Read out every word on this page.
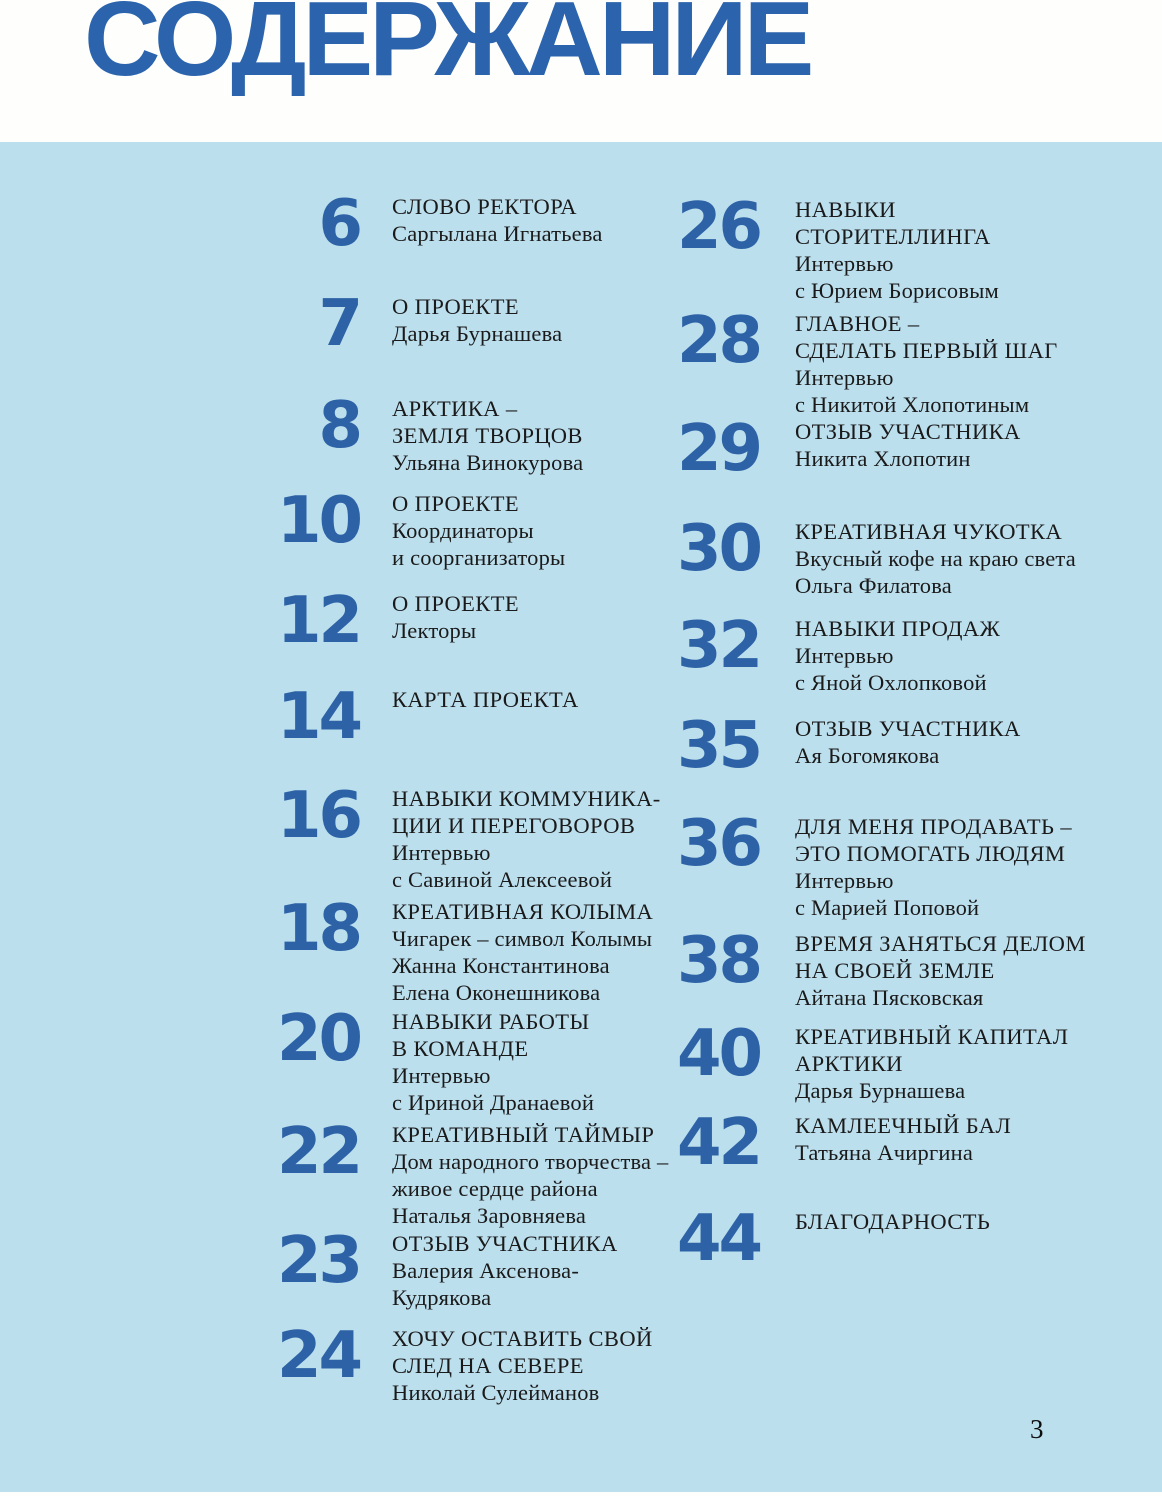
СОДЕРЖАНИЕ
6 СЛОВО РЕКТОРА
Саргылана Игнатьева
7 О ПРОЕКТЕ
Дарья Бурнашева
8 АРКТИКА –
ЗЕМЛЯ ТВОРЦОВ
Ульяна Винокурова
10 О ПРОЕКТЕ
Координаторы
и соорганизаторы
12 О ПРОЕКТЕ
Лекторы
14 КАРТА ПРОЕКТА
16 НАВЫКИ КОММУНИКА-
ЦИИ И ПЕРЕГОВОРОВ
Интервью
с Савиной Алексеевой
18 КРЕАТИВНАЯ КОЛЫМА
Чигарек – символ Колымы
Жанна Константинова
Елена Оконешникова
20 НАВЫКИ РАБОТЫ
В КОМАНДЕ
Интервью
с Ириной Дранаевой
22 КРЕАТИВНЫЙ ТАЙМЫР
Дом народного творчества –
живое сердце района
Наталья Заровняева
23 ОТЗЫВ УЧАСТНИКА
Валерия Аксенова-
Кудрякова
24 ХОЧУ ОСТАВИТЬ СВОЙ
СЛЕД НА СЕВЕРЕ
Николай Сулейманов
26 НАВЫКИ
СТОРИТЕЛЛИНГА
Интервью
с Юрием Борисовым
28 ГЛАВНОЕ –
СДЕЛАТЬ ПЕРВЫЙ ШАГ
Интервью
с Никитой Хлопотиным
29 ОТЗЫВ УЧАСТНИКА
Никита Хлопотин
30 КРЕАТИВНАЯ ЧУКОТКА
Вкусный кофе на краю света
Ольга Филатова
32 НАВЫКИ ПРОДАЖ
Интервью
с Яной Охлопковой
35 ОТЗЫВ УЧАСТНИКА
Ая Богомякова
36 ДЛЯ МЕНЯ ПРОДАВАТЬ –
ЭТО ПОМОГАТЬ ЛЮДЯМ
Интервью
с Марией Поповой
38 ВРЕМЯ ЗАНЯТЬСЯ ДЕЛОМ
НА СВОЕЙ ЗЕМЛЕ
Айтана Пясковская
40 КРЕАТИВНЫЙ КАПИТАЛ
АРКТИКИ
Дарья Бурнашева
42 КАМЛЕЕЧНЫЙ БАЛ
Татьяна Ачиргина
44 БЛАГОДАРНОСТЬ
3
